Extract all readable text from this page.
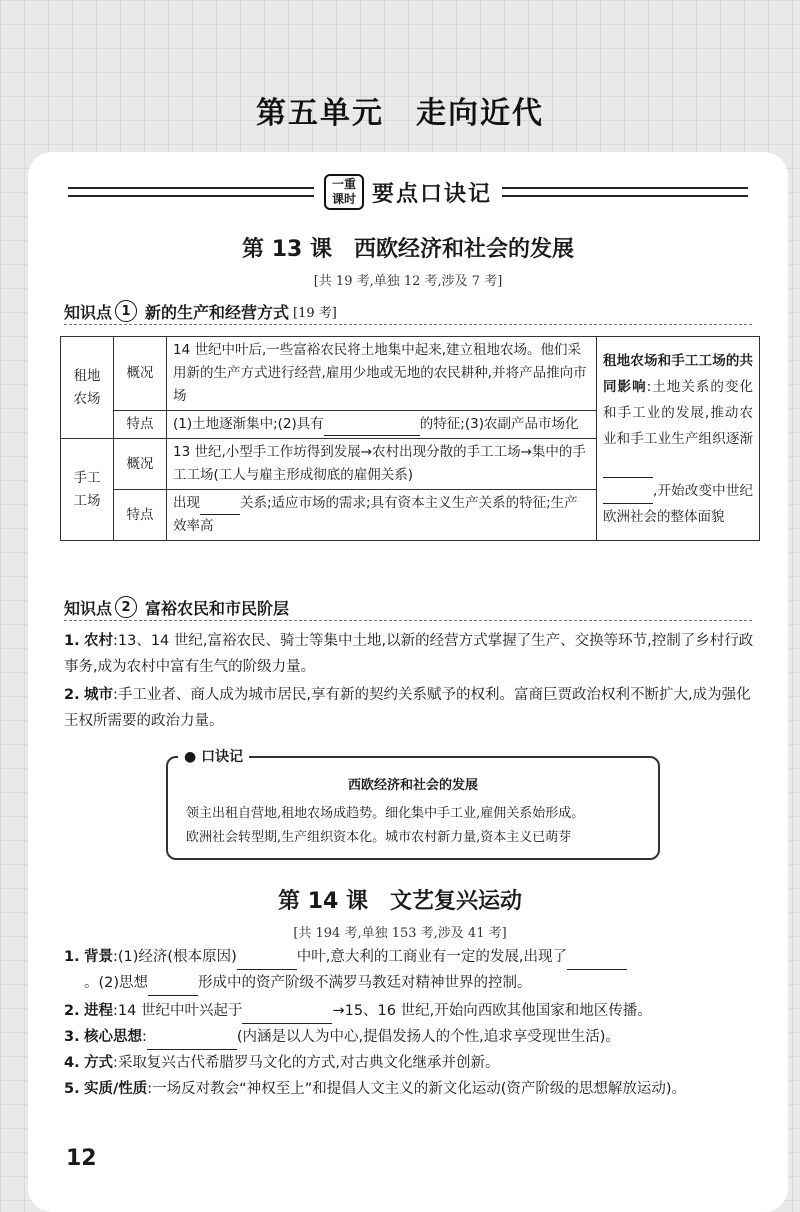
第五单元　走向近代
一重
课时 要点口诀记
第 13 课　西欧经济和社会的发展
[共 19 考,单独 12 考,涉及 7 考]
知识点 1 新的生产和经营方式 [19 考]
租地
农场	概况	14 世纪中叶后,一些富裕农民将土地集中起来,建立租地农场。他们采用新的生产方式进行经营,雇用少地或无地的农民耕种,并将产品推向市场	租地农场和手工工场的共同影响:土地关系的变化和手工业的发展,推动农业和手工业生产组织逐渐
,开始改变中世纪欧洲社会的整体面貌
	特点	(1)土地逐渐集中;(2)具有 的特征;(3)农副产品市场化	
手工
工场	概况	13 世纪,小型手工作坊得到发展→农村出现分散的手工工场→集中的手工工场(工人与雇主形成彻底的雇佣关系)	
	特点	出现 关系;适应市场的需求;具有资本主义生产关系的特征;生产效率高	
知识点 2 富裕农民和市民阶层
1. 农村:13、14 世纪,富裕农民、骑士等集中土地,以新的经营方式掌握了生产、交换等环节,控制了乡村行政事务,成为农村中富有生气的阶级力量。
2. 城市:手工业者、商人成为城市居民,享有新的契约关系赋予的权利。富商巨贾政治权利不断扩大,成为强化王权所需要的政治力量。
● 口诀记
西欧经济和社会的发展
领主出租自营地,租地农场成趋势。细化集中手工业,雇佣关系始形成。
欧洲社会转型期,生产组织资本化。城市农村新力量,资本主义已萌芽
第 14 课　文艺复兴运动
[共 194 考,单独 153 考,涉及 41 考]
1. 背景:(1)经济(根本原因)	中叶,意大利的工商业有一定的发展,出现了
。(2)思想	形成中的资产阶级不满罗马教廷对精神世界的控制。
2. 进程:14 世纪中叶兴起于	→15、16 世纪,开始向西欧其他国家和地区传播。
3. 核心思想:	(内涵是以人为中心,提倡发扬人的个性,追求享受现世生活)。
4. 方式:采取复兴古代希腊罗马文化的方式,对古典文化继承并创新。
5. 实质/性质:一场反对教会“神权至上”和提倡人文主义的新文化运动(资产阶级的思想解放运动)。
12
